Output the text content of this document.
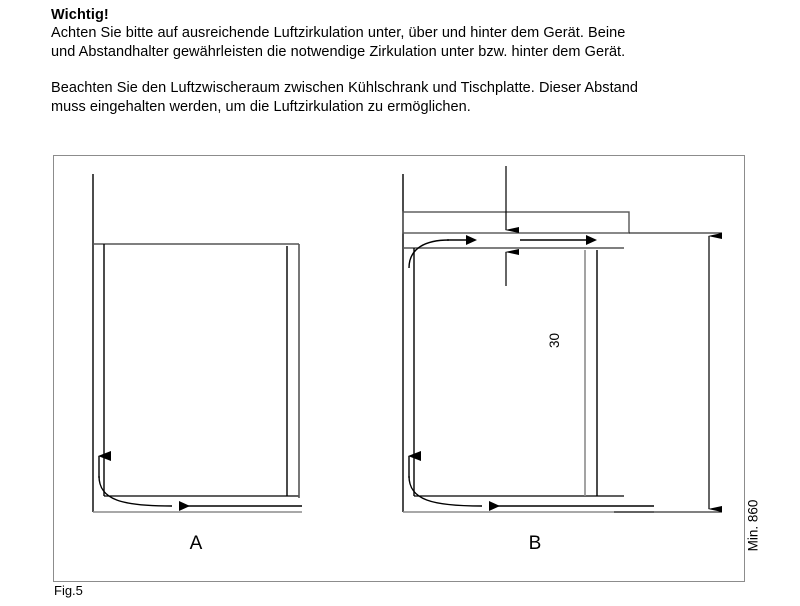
Wichtig!
Achten Sie bitte auf ausreichende Luftzirkulation unter, über und hinter dem Gerät. Beine
und Abstandhalter gewährleisten die notwendige Zirkulation unter bzw. hinter dem Gerät.
Beachten Sie den Luftzwischeraum zwischen Kühlschrank und Tischplatte. Dieser Abstand
muss eingehalten werden, um die Luftzirkulation zu ermöglichen.
30
Min. 860
A	B
Fig.5
